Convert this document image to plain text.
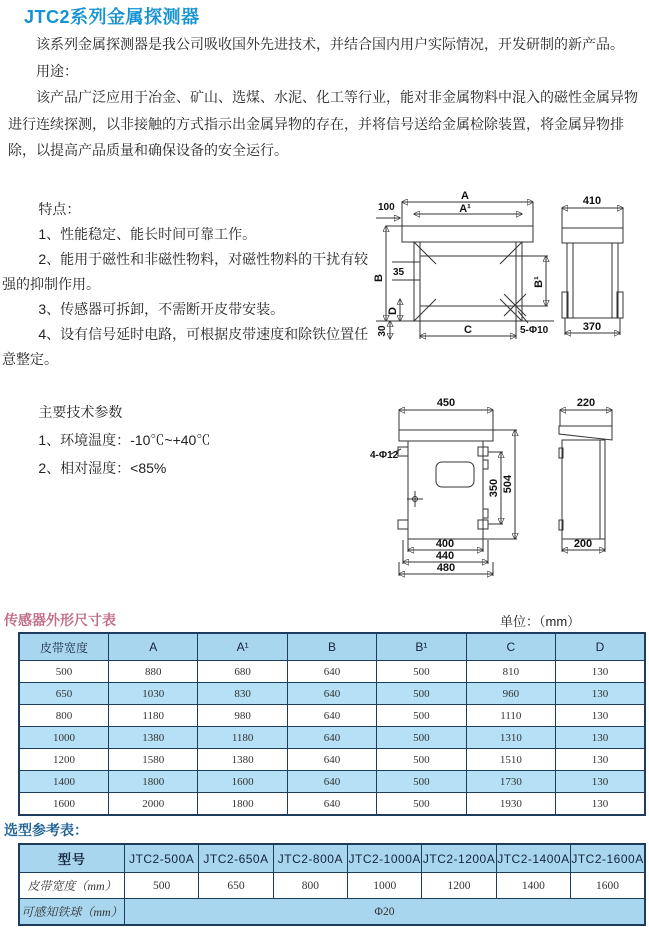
JTC2系列金属探测器

该系列金属探测器是我公司吸收国外先进技术，并结合国内用户实际情况，开发研制的新产品。

用途：

该产品广泛应用于冶金、矿山、选煤、水泥、化工等行业，能对非金属物料中混入的磁性金属异物进行连续探测，以非接触的方式指示出金属异物的存在，并将信号送给金属检除装置，将金属异物排除，以提高产品质量和确保设备的安全运行。

特点：

1、性能稳定、能长时间可靠工作。

2、能用于磁性和非磁性物料，对磁性物料的干扰有较强的抑制作用。

3、传感器可拆卸，不需断开皮带安装。

4、设有信号延时电路，可根据皮带速度和除铁位置任意整定。

主要技术参数

1、环境温度：-10℃~+40℃

2、相对湿度：<85%

A
A¹
100
B 35
D
30	C
B¹
5-Φ10
410
370
450
4-Φ12
350 504
400
440
480
220
200
传感器外形尺寸表	单位：（mm）
皮带宽度	A	A¹	B	B¹	C	D
500	880	680	640	500	810	130
650	1030	830	640	500	960	130
800	1180	980	640	500	1110	130
1000	1380	1180	640	500	1310	130
1200	1580	1380	640	500	1510	130
1400	1800	1600	640	500	1730	130
1600	2000	1800	640	500	1930	130
选型参考表：
型号	JTC2-500A	JTC2-650A	JTC2-800A	JTC2-1000A	JTC2-1200A	JTC2-1400A	JTC2-1600A
皮带宽度（mm）	500	650	800	1000	1200	1400	1600
可感知铁球（mm）	Φ20						
